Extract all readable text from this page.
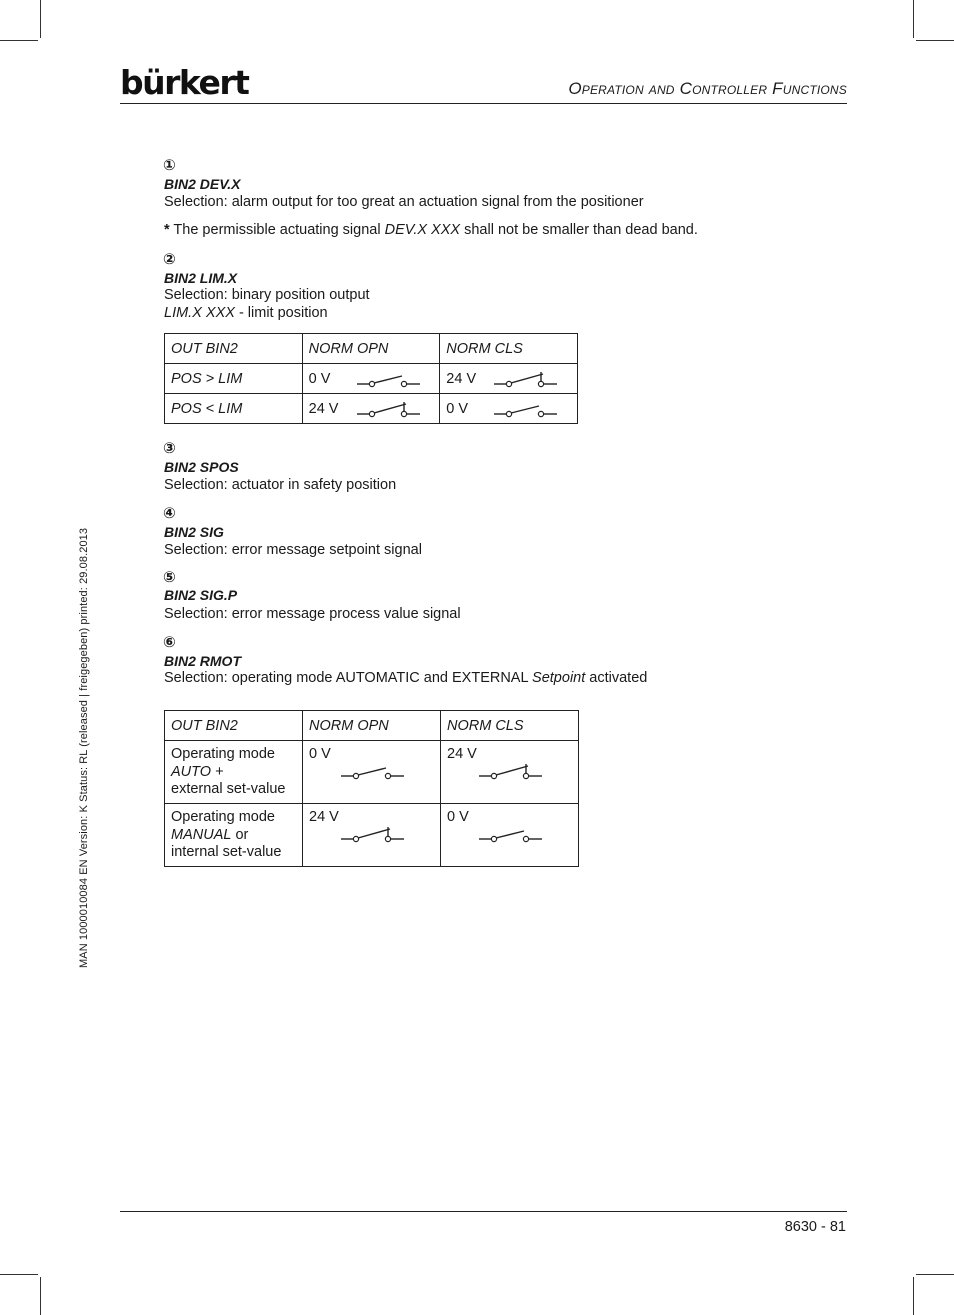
bürkert	Operation and Controller Functions
①
BIN2 DEV.X
Selection: alarm output for too great an actuation signal from the positioner
* The permissible actuating signal DEV.X XXX shall not be smaller than dead band.
②
BIN2 LIM.X
Selection: binary position output
LIM.X XXX - limit position
OUT BIN2	NORM OPN	NORM CLS
POS > LIM	0 V	24 V

POS < LIM	24 V	0 V
③
BIN2 SPOS
Selection: actuator in safety position
④
BIN2 SIG
Selection: error message setpoint signal
⑤
BIN2 SIG.P
Selection: error message process value signal
⑥
BIN2 RMOT
Selection: operating mode AUTOMATIC and EXTERNAL Setpoint activated
OUT BIN2	NORM OPN	NORM CLS
Operating mode
AUTO +
external set-value	0 V	24 V

Operating mode
MANUAL or
internal set-value	24 V	0 V
MAN 1000010084 EN Version: K Status: RL (released | freigegeben) printed: 29.08.2013
8630 - 81
